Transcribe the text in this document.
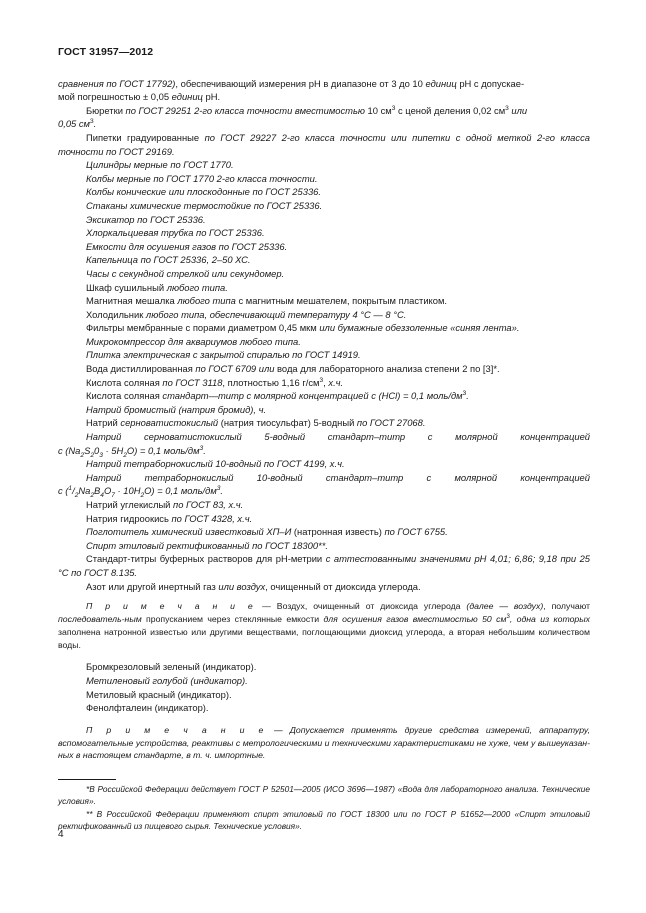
ГОСТ 31957—2012

сравнения по ГОСТ 17792), обеспечивающий измерения рН в диапазоне от 3 до 10 единиц рН с допускае-
мой погрешностью ± 0,05 единиц рН.

Бюретки по ГОСТ 29251 2-го класса точности вместимостью 10 $см^3$ с ценой деления 0,02 $см^3$ или
0,05 $см^3$.

Пипетки градуированные по ГОСТ 29227 2-го класса точности или пипетки с одной меткой 2-го класса точности по ГОСТ 29169.

Цилиндры мерные по ГОСТ 1770.

Колбы мерные по ГОСТ 1770 2-го класса точности.

Колбы конические или плоскодонные по ГОСТ 25336.

Стаканы химические термостойкие по ГОСТ 25336.

Эксикатор по ГОСТ 25336.

Хлоркальциевая трубка по ГОСТ 25336.

Емкости для осушения газов по ГОСТ 25336.

Капельница по ГОСТ 25336, 2–50 ХС.

Часы с секундной стрелкой или секундомер.

Шкаф сушильный любого типа.

Магнитная мешалка любого типа с магнитным мешателем, покрытым пластиком.

Холодильник любого типа, обеспечивающий температуру 4 °С — 8 °С.

Фильтры мембранные с порами диаметром 0,45 мкм или бумажные обеззоленные «синяя лента».

Микрокомпрессор для аквариумов любого типа.

Плитка электрическая с закрытой спиралью по ГОСТ 14919.

Вода дистиллированная по ГОСТ 6709 или вода для лабораторного анализа степени 2 по [3]*.

Кислота соляная по ГОСТ 3118, плотностью 1,16 $г/см^3$, х.ч.

Кислота соляная стандарт—титр с молярной концентрацией с (HCl) = 0,1 моль/$дм^3$.

Натрий бромистый (натрия бромид), ч.

Натрий серноватистокислый (натрия тиосульфат) 5-водный по ГОСТ 27068.

Натрий серноватистокислый 5-водный стандарт–титр с молярной концентрацией

с $(Na_2S_20_3 \cdot 5H_2O) = 0,1$ моль/$дм^3$.

Натрий тетраборнокислый 10-водный по ГОСТ 4199, х.ч.

Натрий тетраборнокислый 10-водный стандарт–титр с молярной концентрацией

с $(^1/_2Na_2B_4O_7 \cdot 10H_2O) = 0,1$ моль/$дм^3$.

Натрий углекислый по ГОСТ 83, х.ч.

Натрия гидроокись по ГОСТ 4328, х.ч.

Поглотитель химический известковый ХП–И (натронная известь) по ГОСТ 6755.

Спирт этиловый ректификованный по ГОСТ 18300**.

Стандарт-титры буферных растворов для рН-метрии с аттестованными значениями рН 4,01; 6,86; 9,18 при 25 °С по ГОСТ 8.135.

Азот или другой инертный газ или воздух, очищенный от диоксида углерода.

П р и м е ч а н и е — Воздух, очищенный от диоксида углерода (далее — воздух), получают последователь-ным пропусканием через стеклянные емкости для осушения газов вместимостью 50 $см^3$, одна из которых заполнена натронной известью или другими веществами, поглощающими диоксид углерода, а вторая небольшим количеством воды.

Бромкрезоловый зеленый (индикатор).

Метиленовый голубой (индикатор).

Метиловый красный (индикатор).

Фенолфталеин (индикатор).

П р и м е ч а н и е — Допускается применять другие средства измерений, аппаратуру, вспомогательные устройства, реактивы с метрологическими и техническими характеристиками не хуже, чем у вышеуказан-ных в настоящем стандарте, в т. ч. импортные.

*В Российской Федерации действует ГОСТ Р 52501—2005 (ИСО 3696—1987) «Вода для лабораторного анализа. Технические условия».

** В Российской Федерации применяют спирт этиловый по ГОСТ 18300 или по ГОСТ Р 51652—2000 «Спирт этиловый ректификованный из пищевого сырья. Технические условия».

4
